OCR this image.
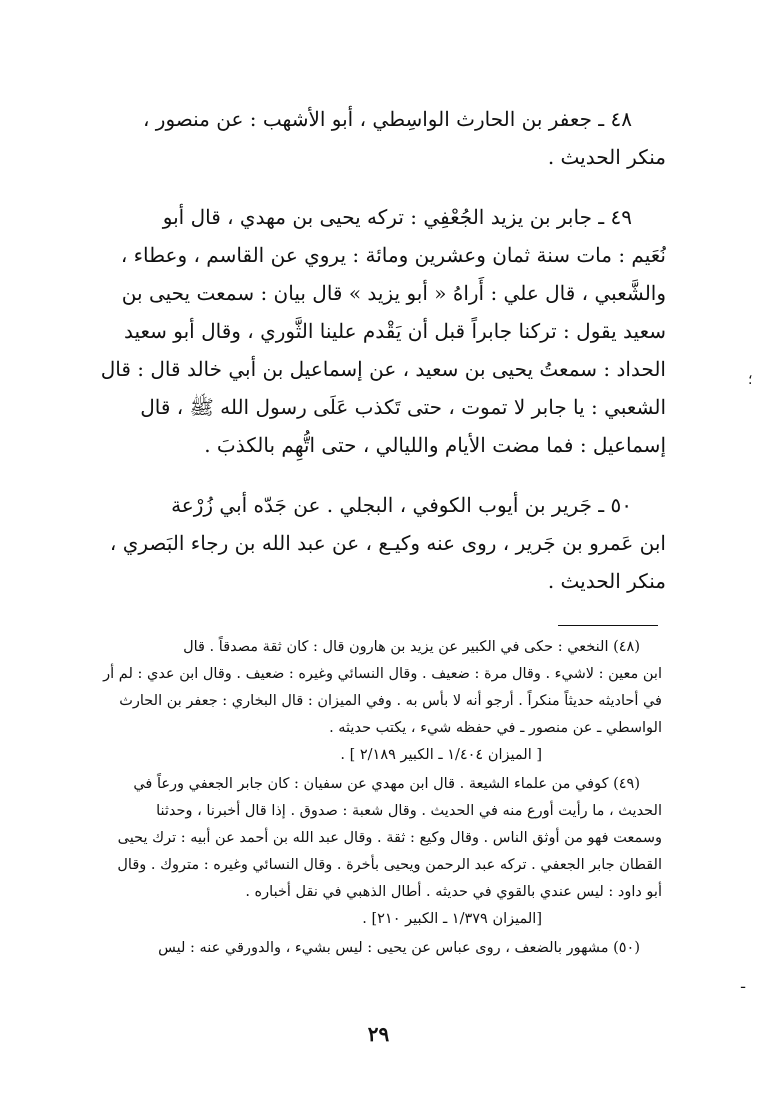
٤٨ ـ جعفر بن الحارث الواسِطي ، أبو الأشهب : عن منصور ،
منكر الحديث .
٤٩ ـ جابر بن يزيد الجُعْفِي : تركه يحيى بن مهدي ، قال أبو
نُعَيم : مات سنة ثمان وعشرين ومائة : يروي عن القاسم ، وعطاء ،
والشَّعبي ، قال علي : أَراهُ « أبو يزيد » قال بيان : سمعت يحيى بن
سعيد يقول : تركنا جابراً قبل أن يَقْدم علينا الثَّوري ، وقال أبو سعيد
الحداد : سمعتُ يحيى بن سعيد ، عن إسماعيل بن أبي خالد قال : قال
الشعبي : يا جابر لا تموت ، حتى تَكذب عَلَى رسول الله ﷺ ، قال
إسماعيل : فما مضت الأيام والليالي ، حتى اتُّهِم بالكذبَ .
٥٠ ـ جَرير بن أيوب الكوفي ، البجلي . عن جَدّه أبي زُرْعة
ابن عَمرو بن جَرير ، روى عنه وكيـع ، عن عبد الله بن رجاء البَصري ،
منكر الحديث .
(٤٨) النخعي : حكى في الكبير عن يزيد بن هارون قال : كان ثقة مصدقاً . قال
ابن معين : لاشيء . وقال مرة : ضعيف . وقال النسائي وغيره : ضعيف . وقال ابن عدي : لم أر
في أحاديثه حديثاً منكراً . أرجو أنه لا بأس به . وفي الميزان : قال البخاري : جعفر بن الحارث
الواسطي ـ عن منصور ـ في حفظه شيء ، يكتب حديثه .
[ الميزان ١/٤٠٤ ـ الكبير ٢/١٨٩ ] .
(٤٩) كوفي من علماء الشيعة . قال ابن مهدي عن سفيان : كان جابر الجعفي ورعاً في
الحديث ، ما رأيت أورع منه في الحديث . وقال شعبة : صدوق . إذا قال أخبرنا ، وحدثنا
وسمعت فهو من أوثق الناس . وقال وكيع : ثقة . وقال عبد الله بن أحمد عن أبيه : ترك يحيى
القطان جابر الجعفي . تركه عبد الرحمن ويحيى بأخرة . وقال النسائي وغيره : متروك . وقال
أبو داود : ليس عندي بالقوي في حديثه . أطال الذهبي في نقل أخباره .
[الميزان ١/٣٧٩ ـ الكبير ٢١٠] .
(٥٠) مشهور بالضعف ، روى عباس عن يحيى : ليس بشيء ، والدورقي عنه : ليس
٢٩
؛
ـ
